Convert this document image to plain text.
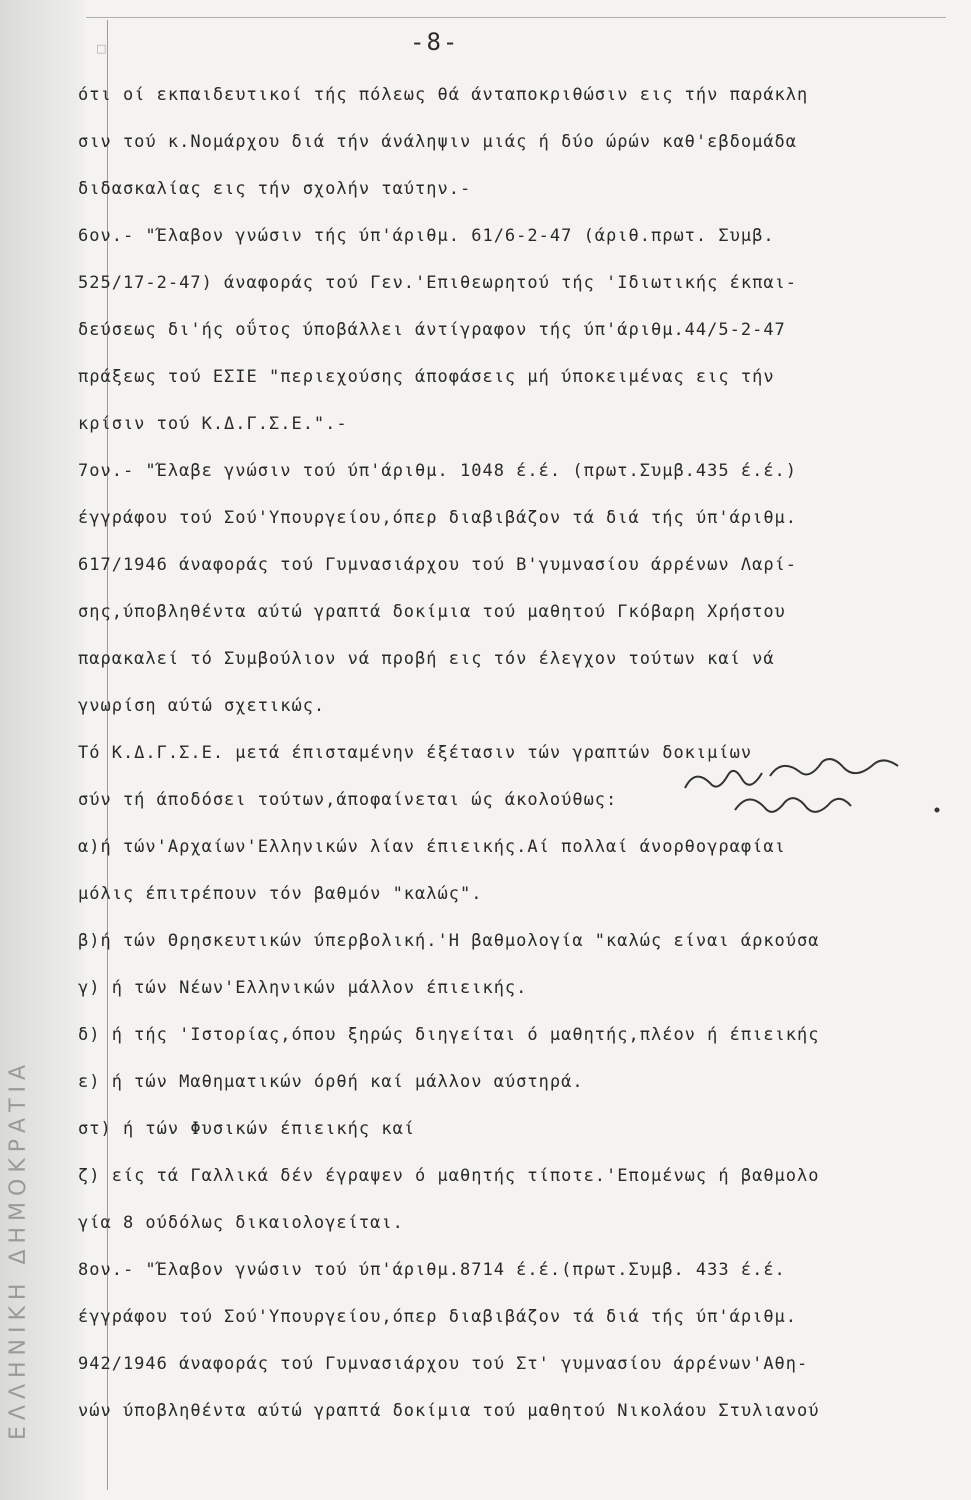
ΕΛΛΗΝΙΚΗ ΔΗΜΟΚΡΑΤΙΑ
□	-8-
ότι οί εκπαιδευτικοί τής πόλεως θά άνταποκριθώσιν εις τήν παράκλη
σιν τού κ.Νομάρχου διά τήν άνάληψιν μιάς ή δύο ώρών καθ'εβδομάδα
διδασκαλίας εις τήν σχολήν ταύτην.-
6ον.- "Έλαβον γνώσιν τής ύπ'άριθμ. 61/6-2-47 (άριθ.πρωτ. Συμβ.
525/17-2-47) άναφοράς τού Γεν.'Επιθεωρητού τής 'Ιδιωτικής έκπαι-
δεύσεως δι'ής οΰτος ύποβάλλει άντίγραφον τής ύπ'άριθμ.44/5-2-47
πράξεως τού ΕΣΙΕ "περιεχούσης άποφάσεις μή ύποκειμένας εις τήν
κρίσιν τού Κ.Δ.Γ.Σ.Ε.".-
7ον.- "Έλαβε γνώσιν τού ύπ'άριθμ. 1048 έ.έ. (πρωτ.Συμβ.435 έ.έ.)
έγγράφου τού Σού'Υπουργείου,όπερ διαβιβάζον τά διά τής ύπ'άριθμ.
617/1946 άναφοράς τού Γυμνασιάρχου τού Β'γυμνασίου άρρένων Λαρί-
σης,ύποβληθέντα αύτώ γραπτά δοκίμια τού μαθητού Γκόβαρη Χρήστου
παρακαλεί τό Συμβούλιον νά προβή εις τόν έλεγχον τούτων καί νά
γνωρίση αύτώ σχετικώς.
Τό Κ.Δ.Γ.Σ.Ε. μετά έπισταμένην έξέτασιν τών γραπτών δοκιμίων
σύν τή άποδόσει τούτων,άποφαίνεται ώς άκολούθως:
α)ή τών'Αρχαίων'Ελληνικών λίαν έπιεικής.Αί πολλαί άνορθογραφίαι
μόλις έπιτρέπουν τόν βαθμόν "καλώς".
β)ή τών Θρησκευτικών ύπερβολική.'Η βαθμολογία "καλώς είναι άρκούσα
γ) ή τών Νέων'Ελληνικών μάλλον έπιεικής.
δ) ή τής 'Ιστορίας,όπου ξηρώς διηγείται ό μαθητής,πλέον ή έπιεικής
ε) ή τών Μαθηματικών όρθή καί μάλλον αύστηρά.
στ) ή τών Φυσικών έπιεικής καί
ζ) είς τά Γαλλικά δέν έγραψεν ό μαθητής τίποτε.'Επομένως ή βαθμολο
γία 8 ούδόλως δικαιολογείται.
8ον.- "Έλαβον γνώσιν τού ύπ'άριθμ.8714 έ.έ.(πρωτ.Συμβ. 433 έ.έ.
έγγράφου τού Σού'Υπουργείου,όπερ διαβιβάζον τά διά τής ύπ'άριθμ.
942/1946 άναφοράς τού Γυμνασιάρχου τού Στ' γυμνασίου άρρένων'Αθη-
νών ύποβληθέντα αύτώ γραπτά δοκίμια τού μαθητού Νικολάου Στυλιανού
